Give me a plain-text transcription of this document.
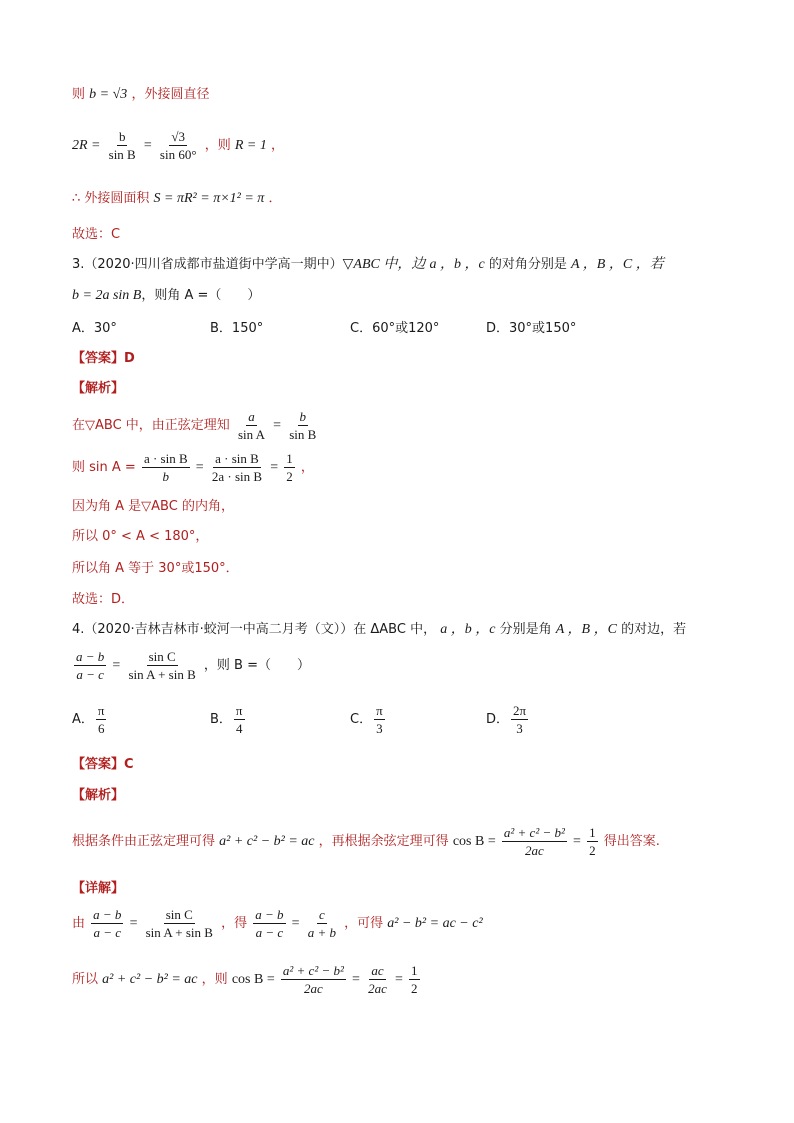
则 b = √3 ，外接圆直径
$2R = \frac{b}{\text{sin B}} = \frac{√3}{\sin 60^\circ}$ ，则 R = 1 ，
∴ 外接圆面积 S = πR² = π×1² = π ．
故选：C
3.（2020·四川省成都市盐道街中学高一期中）▽ABC 中，边 a ，b ，c 的对角分别是 A ，B ，C ，若
b = 2a sin B，则角 A =（　　）
A．30°	B．150°	C．60°或120°	D．30°或150°
【答案】D
【解析】
在▽ABC 中，由正弦定理知 $\frac{a}{\text{sin A}} = \frac{b}{\text{sin B}}$
则 $\sin A = \frac{\text{a · sin B}}{b} = \frac{\text{a · sin B}}{\text{2a · sin B}} = \frac{1}{2}$ ，
因为角 A 是▽ABC 的内角，
所以 0° < A < 180°，
所以角 A 等于 30°或150°．
故选：D．
4.（2020·吉林吉林市·蛟河一中高二月考（文））在 ΔABC 中， a ，b ，c 分别是角 A ，B ，C 的对边，若
$\frac{a - b}{a - c} = \frac{\text{sin C}}{\text{sin A + sin B}}$ ，则 B =（　　）
A． $\frac{\pi}{6}$	B． $\frac{\pi}{4}$	C． $\frac{\pi}{3}$	D． $\frac{2\pi}{3}$
【答案】C
【解析】
根据条件由正弦定理可得 a² + c² − b² = ac ，再根据余弦定理可得 $\cos B = \frac{\text{a² + c² − b²}}{2ac} = \frac{1}{2}$ 得出答案.
【详解】
由 $\frac{a - b}{a - c} = \frac{\text{sin C}}{\text{sin A + sin B}}$ ，得 $\frac{a - b}{a - c} = \frac{c}{a + b}$ ，可得 a² − b² = ac − c²
所以 a² + c² − b² = ac ，则 $\cos B = \frac{\text{a² + c² − b²}}{2ac} = \frac{ac}{2ac} = \frac{1}{2}$
